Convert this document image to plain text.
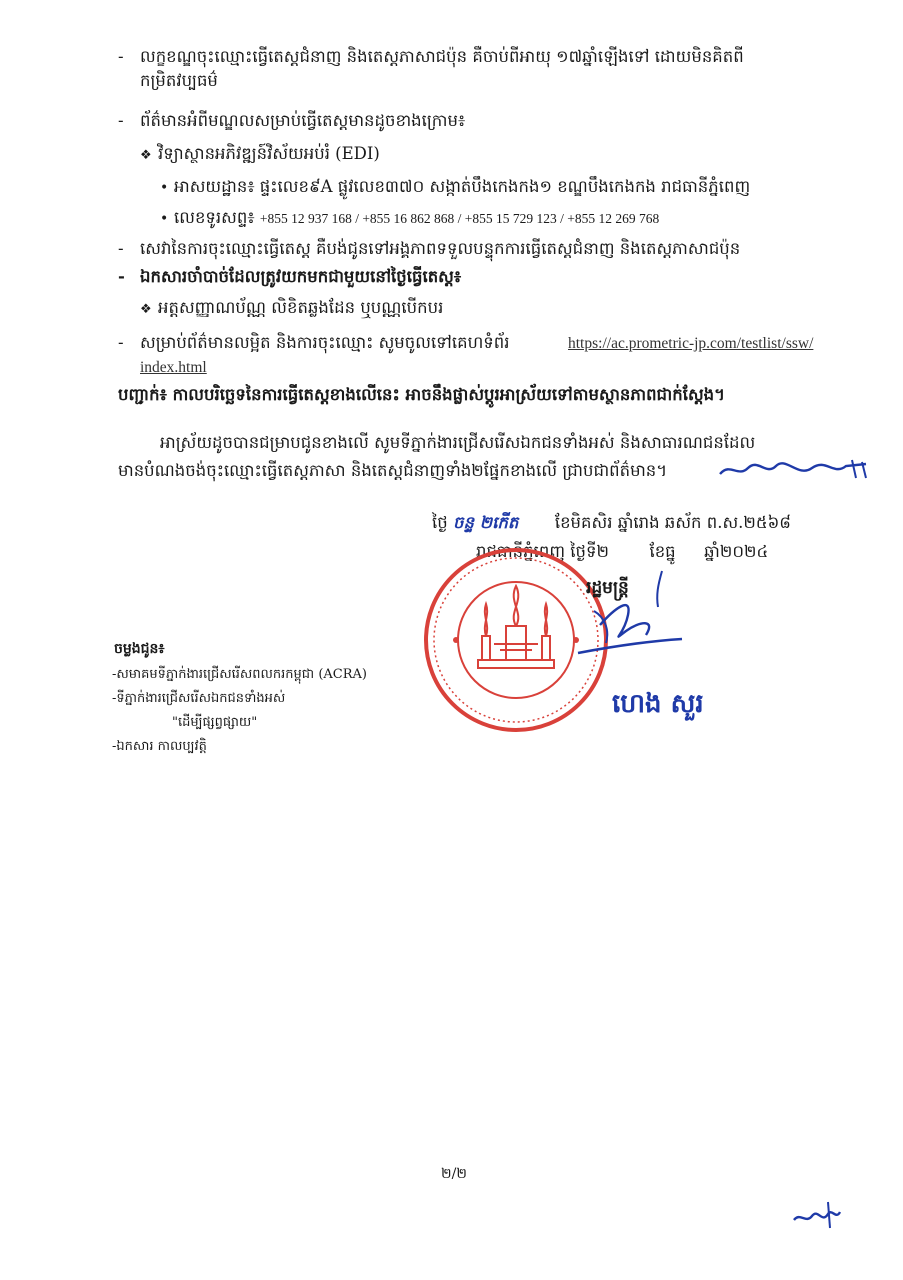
- លក្ខខណ្ឌចុះឈ្មោះធ្វើតេស្តជំនាញ និងតេស្តភាសាជប៉ុន គឺចាប់ពីអាយុ ១៧ឆ្នាំឡើងទៅ ដោយមិនគិតពី
កម្រិតវប្បធម៌
- ព័ត៌មានអំពីមណ្ឌលសម្រាប់ធ្វើតេស្តមានដូចខាងក្រោម៖
❖ វិទ្យាស្ថានអភិវឌ្ឍន៍វិស័យអប់រំ (EDI)
• អាសយដ្ឋាន៖ ផ្ទះលេខ៩A ផ្លូវលេខ៣៧០ សង្កាត់បឹងកេងកង១ ខណ្ឌបឹងកេងកង រាជធានីភ្នំពេញ
• លេខទូរសព្ទ៖ +855 12 937 168 / +855 16 862 868 / +855 15 729 123 / +855 12 269 768
- សេវានៃការចុះឈ្មោះធ្វើតេស្ត គឺបង់ជូនទៅអង្គភាពទទួលបន្ទុកការធ្វើតេស្តជំនាញ និងតេស្តភាសាជប៉ុន
- ឯកសារចាំបាច់ដែលត្រូវយកមកជាមួយនៅថ្ងៃធ្វើតេស្ត៖
❖ អត្តសញ្ញាណប័ណ្ណ លិខិតឆ្លងដែន ឬបណ្ណបើកបរ
- សម្រាប់ព័ត៌មានលម្អិត និងការចុះឈ្មោះ សូមចូលទៅគេហទំព័រ	https://ac.prometric-jp.com/testlist/ssw/
index.html
បញ្ជាក់៖ កាលបរិច្ឆេទនៃការធ្វើតេស្តខាងលើនេះ អាចនឹងផ្លាស់ប្តូរអាស្រ័យទៅតាមស្ថានភាពជាក់ស្តែង។
អាស្រ័យដូចបានជម្រាបជូនខាងលើ សូមទីភ្នាក់ងារជ្រើសរើសឯកជនទាំងអស់ និងសាធារណជនដែល
មានបំណងចង់ចុះឈ្មោះធ្វើតេស្តភាសា និងតេស្តជំនាញទាំង២ផ្នែកខាងលើ ជ្រាបជាព័ត៌មាន។
ថ្ងៃ ចន្ទ ២កើត ខែមិគសិរ ឆ្នាំរោង ឆស័ក ព.ស.២៥៦៨
រាជធានីភ្នំពេញ ថ្ងៃទី២ ខែធ្នូ ឆ្នាំ២០២៤
រដ្ឋមន្ត្រី
ហេង សួរ
ចម្លងជូន៖
-សមាគមទីភ្នាក់ងារជ្រើសរើសពលករកម្ពុជា (ACRA)
-ទីភ្នាក់ងារជ្រើសរើសឯកជនទាំងអស់
"ដើម្បីផ្សព្វផ្សាយ"
-ឯកសារ កាលប្បវត្តិ
២/២
